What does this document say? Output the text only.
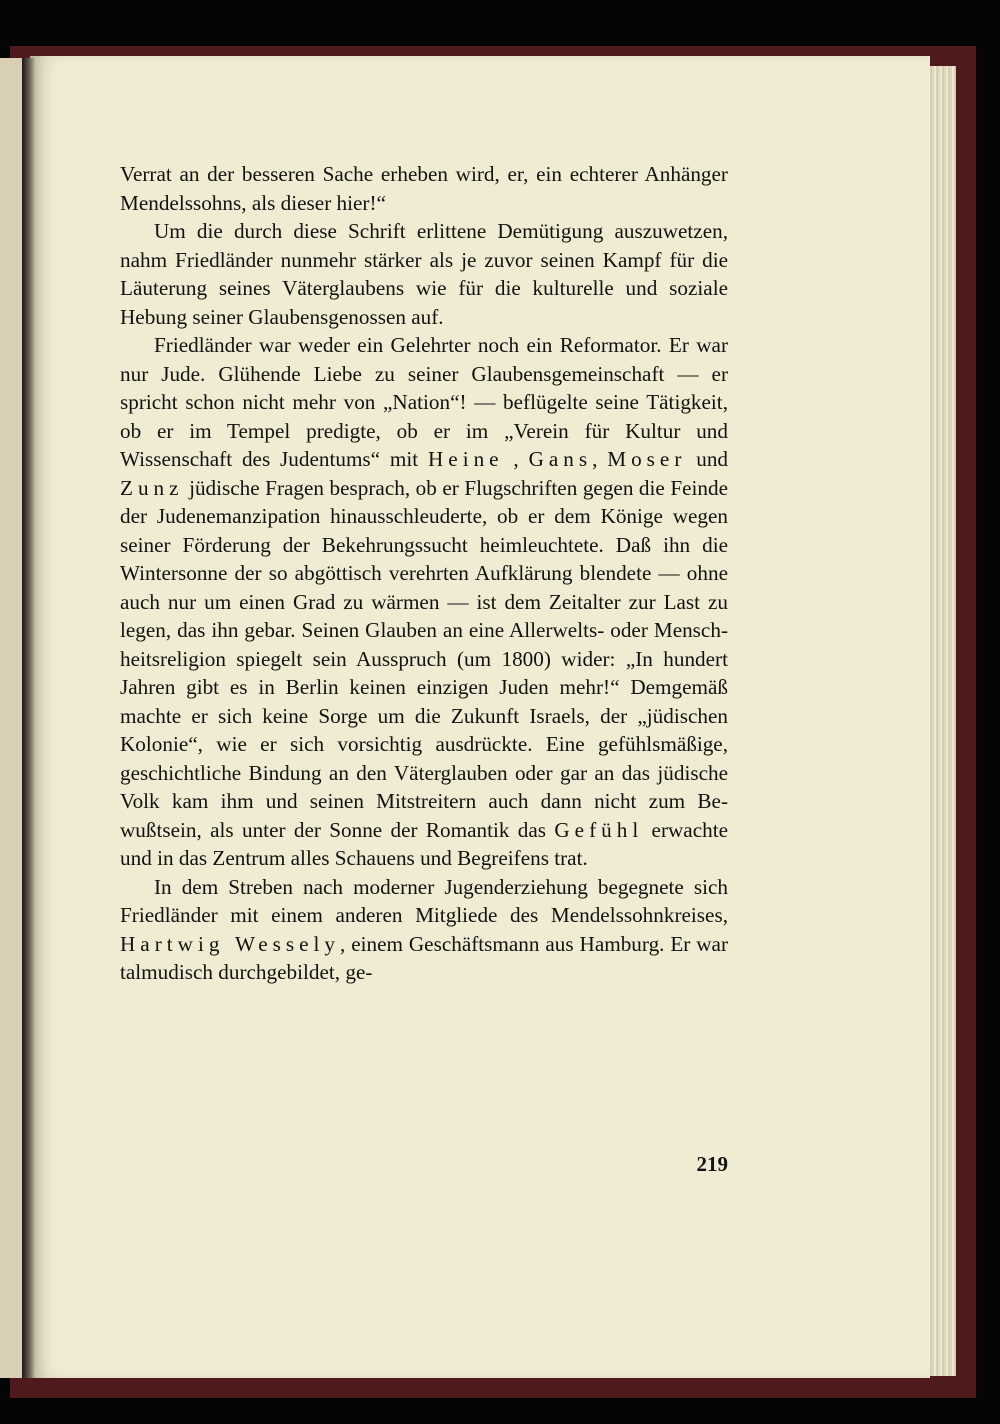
Verrat an der besseren Sache erheben wird, er, ein echterer Anhänger Mendelssohns, als dieser hier!“

Um die durch diese Schrift erlittene Demütigung auszuwetzen, nahm Friedländer nunmehr stärker als je zuvor seinen Kampf für die Läuterung seines Väterglaubens wie für die kulturelle und soziale Hebung seiner Glaubensgenossen auf.

Friedländer war weder ein Gelehrter noch ein Reformator. Er war nur Jude. Glühende Liebe zu seiner Glaubensgemeinschaft — er spricht schon nicht mehr von „Nation“! — beflügelte seine Tätigkeit, ob er im Tempel predigte, ob er im „Verein für Kultur und Wissenschaft des Judentums“ mit Heine , Gans, Moser und Zunz jüdische Fragen besprach, ob er Flugschriften gegen die Feinde der Judenemanzipation hinausschleuderte, ob er dem Könige wegen seiner Förderung der Bekehrungssucht heimleuchtete. Daß ihn die Wintersonne der so abgöttisch verehrten Aufklärung blendete — ohne auch nur um einen Grad zu wärmen — ist dem Zeitalter zur Last zu legen, das ihn gebar. Seinen Glauben an eine Allerwelts- oder Menschheitsreligion spiegelt sein Ausspruch (um 1800) wider: „In hundert Jahren gibt es in Berlin keinen einzigen Juden mehr!“ Demgemäß machte er sich keine Sorge um die Zukunft Israels, der „jüdischen Kolonie“, wie er sich vorsichtig ausdrückte. Eine gefühlsmäßige, geschichtliche Bindung an den Väterglauben oder gar an das jüdische Volk kam ihm und seinen Mitstreitern auch dann nicht zum Bewußtsein, als unter der Sonne der Romantik das Gefühl erwachte und in das Zentrum alles Schauens und Begreifens trat.

In dem Streben nach moderner Jugenderziehung begegnete sich Friedländer mit einem anderen Mitgliede des Mendelssohnkreises, Hartwig Wessely, einem Geschäftsmann aus Hamburg. Er war talmudisch durchgebildet, ge-

219
